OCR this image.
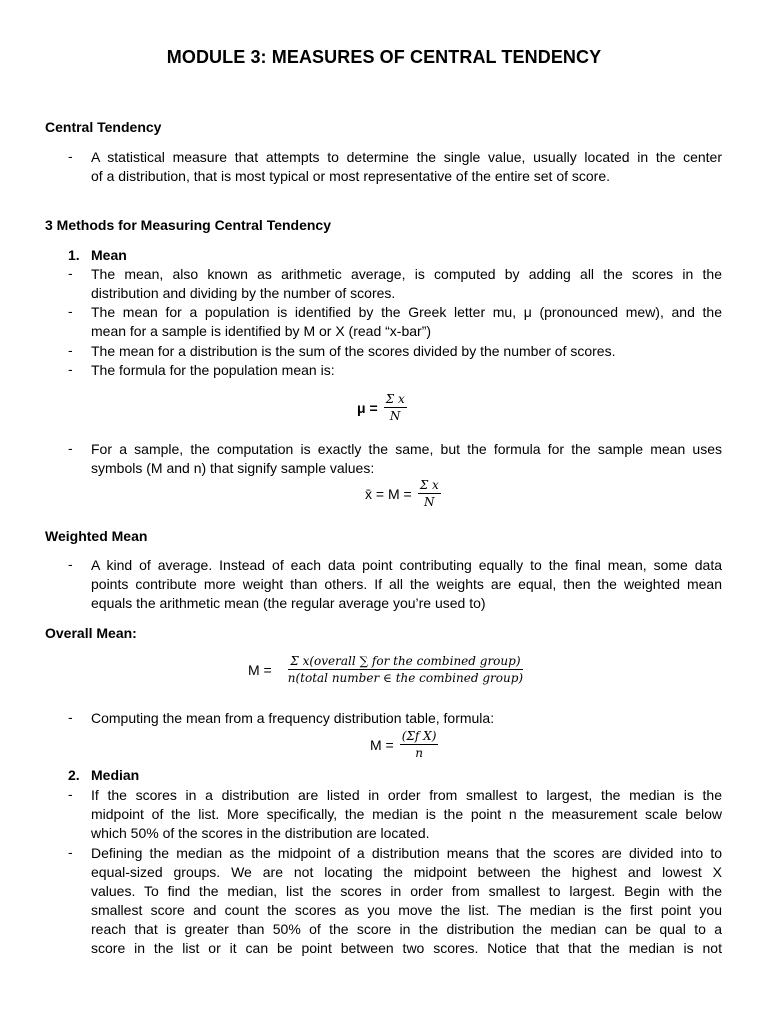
MODULE 3: MEASURES OF CENTRAL TENDENCY
Central Tendency
- A statistical measure that attempts to determine the single value, usually located in the center
of a distribution, that is most typical or most representative of the entire set of score.
3 Methods for Measuring Central Tendency
1. Mean
- The mean, also known as arithmetic average, is computed by adding all the scores in the
distribution and dividing by the number of scores.
- The mean for a population is identified by the Greek letter mu, μ (pronounced mew), and the
mean for a sample is identified by M or X (read “x-bar”)
- The mean for a distribution is the sum of the scores divided by the number of scores.
- The formula for the population mean is:
$\mu = \frac{\text{Σ x}}{N}$
- For a sample, the computation is exactly the same, but the formula for the sample mean uses
symbols (M and n) that signify sample values:
x̄ = $M = \frac{\text{Σ x}}{N}$
Weighted Mean
- A kind of average. Instead of each data point contributing equally to the final mean, some data
points contribute more weight than others. If all the weights are equal, then the weighted mean
equals the arithmetic mean (the regular average you’re used to)
Overall Mean:
$M = \frac{\text{Σ x(overall ∑ for the combined group)}}{\text{n(total number ∈ the combined group)}}$
- Computing the mean from a frequency distribution table, formula:
$M = \frac{\text{(Σf X)}}{n}$
2. Median
- If the scores in a distribution are listed in order from smallest to largest, the median is the
midpoint of the list. More specifically, the median is the point n the measurement scale below
which 50% of the scores in the distribution are located.
- Defining the median as the midpoint of a distribution means that the scores are divided into to
equal-sized groups. We are not locating the midpoint between the highest and lowest X
values. To find the median, list the scores in order from smallest to largest. Begin with the
smallest score and count the scores as you move the list. The median is the first point you
reach that is greater than 50% of the score in the distribution the median can be qual to a
score in the list or it can be point between two scores. Notice that that the median is not
